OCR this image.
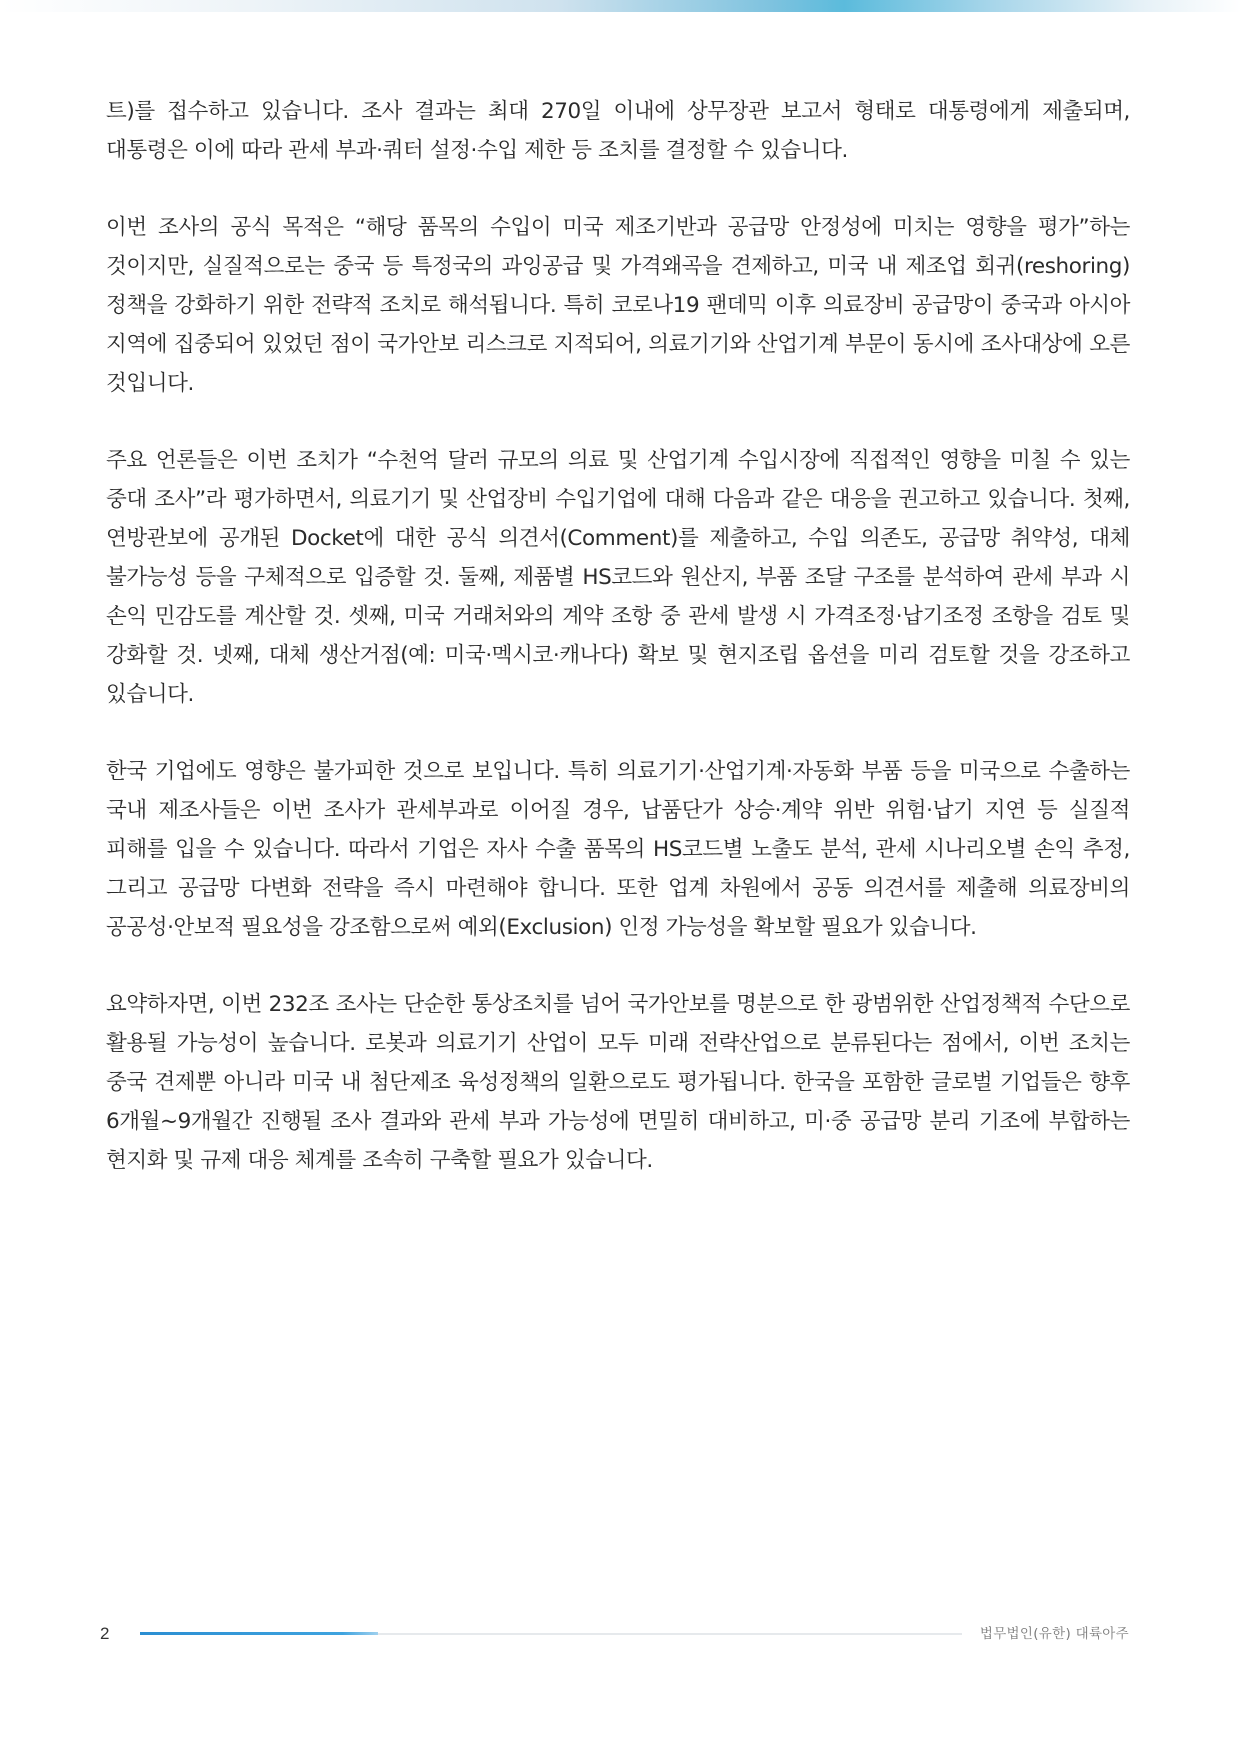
트)를 접수하고 있습니다. 조사 결과는 최대 270일 이내에 상무장관 보고서 형태로 대통령에게 제출되며, 대통령은 이에 따라 관세 부과·쿼터 설정·수입 제한 등 조치를 결정할 수 있습니다.

이번 조사의 공식 목적은 “해당 품목의 수입이 미국 제조기반과 공급망 안정성에 미치는 영향을 평가”하는 것이지만, 실질적으로는 중국 등 특정국의 과잉공급 및 가격왜곡을 견제하고, 미국 내 제조업 회귀(reshoring) 정책을 강화하기 위한 전략적 조치로 해석됩니다. 특히 코로나19 팬데믹 이후 의료장비 공급망이 중국과 아시아 지역에 집중되어 있었던 점이 국가안보 리스크로 지적되어, 의료기기와 산업기계 부문이 동시에 조사대상에 오른 것입니다.

주요 언론들은 이번 조치가 “수천억 달러 규모의 의료 및 산업기계 수입시장에 직접적인 영향을 미칠 수 있는 중대 조사”라 평가하면서, 의료기기 및 산업장비 수입기업에 대해 다음과 같은 대응을 권고하고 있습니다. 첫째, 연방관보에 공개된 Docket에 대한 공식 의견서(Comment)를 제출하고, 수입 의존도, 공급망 취약성, 대체 불가능성 등을 구체적으로 입증할 것. 둘째, 제품별 HS코드와 원산지, 부품 조달 구조를 분석하여 관세 부과 시 손익 민감도를 계산할 것. 셋째, 미국 거래처와의 계약 조항 중 관세 발생 시 가격조정·납기조정 조항을 검토 및 강화할 것. 넷째, 대체 생산거점(예: 미국·멕시코·캐나다) 확보 및 현지조립 옵션을 미리 검토할 것을 강조하고 있습니다.

한국 기업에도 영향은 불가피한 것으로 보입니다. 특히 의료기기·산업기계·자동화 부품 등을 미국으로 수출하는 국내 제조사들은 이번 조사가 관세부과로 이어질 경우, 납품단가 상승·계약 위반 위험·납기 지연 등 실질적 피해를 입을 수 있습니다. 따라서 기업은 자사 수출 품목의 HS코드별 노출도 분석, 관세 시나리오별 손익 추정, 그리고 공급망 다변화 전략을 즉시 마련해야 합니다. 또한 업계 차원에서 공동 의견서를 제출해 의료장비의 공공성·안보적 필요성을 강조함으로써 예외(Exclusion) 인정 가능성을 확보할 필요가 있습니다.

요약하자면, 이번 232조 조사는 단순한 통상조치를 넘어 국가안보를 명분으로 한 광범위한 산업정책적 수단으로 활용될 가능성이 높습니다. 로봇과 의료기기 산업이 모두 미래 전략산업으로 분류된다는 점에서, 이번 조치는 중국 견제뿐 아니라 미국 내 첨단제조 육성정책의 일환으로도 평가됩니다. 한국을 포함한 글로벌 기업들은 향후 6개월~9개월간 진행될 조사 결과와 관세 부과 가능성에 면밀히 대비하고, 미·중 공급망 분리 기조에 부합하는 현지화 및 규제 대응 체계를 조속히 구축할 필요가 있습니다.

2	법무법인(유한) 대륙아주
